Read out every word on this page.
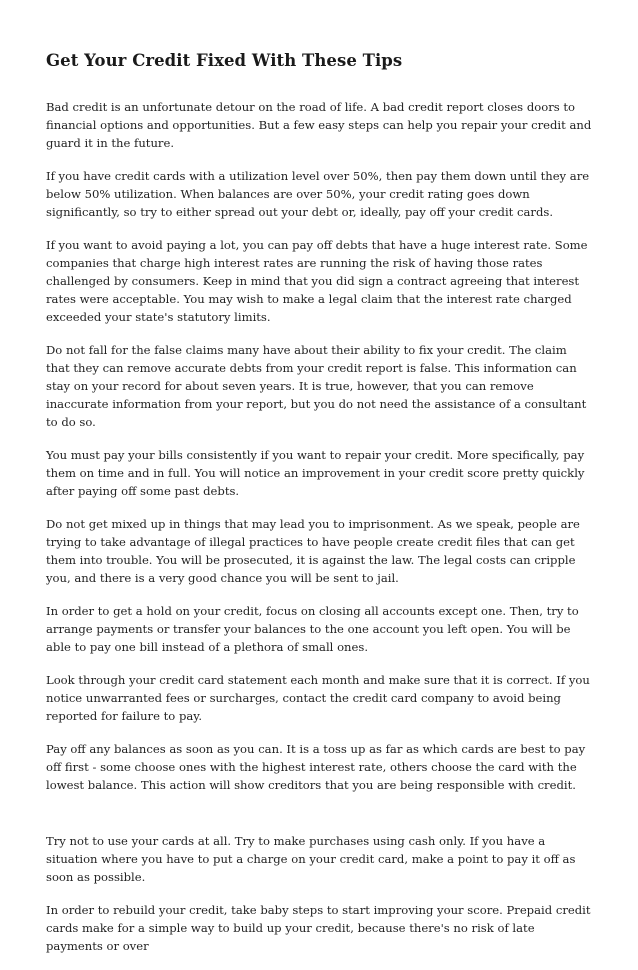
Get Your Credit Fixed With These Tips

Bad credit is an unfortunate detour on the road of life. A bad credit report closes doors to financial options and opportunities. But a few easy steps can help you repair your credit and guard it in the future.

If you have credit cards with a utilization level over 50%, then pay them down until they are below 50% utilization. When balances are over 50%, your credit rating goes down significantly, so try to either spread out your debt or, ideally, pay off your credit cards.

If you want to avoid paying a lot, you can pay off debts that have a huge interest rate. Some companies that charge high interest rates are running the risk of having those rates challenged by consumers. Keep in mind that you did sign a contract agreeing that interest rates were acceptable. You may wish to make a legal claim that the interest rate charged exceeded your state's statutory limits.

Do not fall for the false claims many have about their ability to fix your credit. The claim that they can remove accurate debts from your credit report is false. This information can stay on your record for about seven years. It is true, however, that you can remove inaccurate information from your report, but you do not need the assistance of a consultant to do so.

You must pay your bills consistently if you want to repair your credit. More specifically, pay them on time and in full. You will notice an improvement in your credit score pretty quickly after paying off some past debts.

Do not get mixed up in things that may lead you to imprisonment. As we speak, people are trying to take advantage of illegal practices to have people create credit files that can get them into trouble. You will be prosecuted, it is against the law. The legal costs can cripple you, and there is a very good chance you will be sent to jail.

In order to get a hold on your credit, focus on closing all accounts except one. Then, try to arrange payments or transfer your balances to the one account you left open. You will be able to pay one bill instead of a plethora of small ones.

Look through your credit card statement each month and make sure that it is correct. If you notice unwarranted fees or surcharges, contact the credit card company to avoid being reported for failure to pay.

Pay off any balances as soon as you can. It is a toss up as far as which cards are best to pay off first - some choose ones with the highest interest rate, others choose the card with the lowest balance. This action will show creditors that you are being responsible with credit.

Try not to use your cards at all. Try to make purchases using cash only. If you have a situation where you have to put a charge on your credit card, make a point to pay it off as soon as possible.

In order to rebuild your credit, take baby steps to start improving your score. Prepaid credit cards make for a simple way to build up your credit, because there's no risk of late payments or over
